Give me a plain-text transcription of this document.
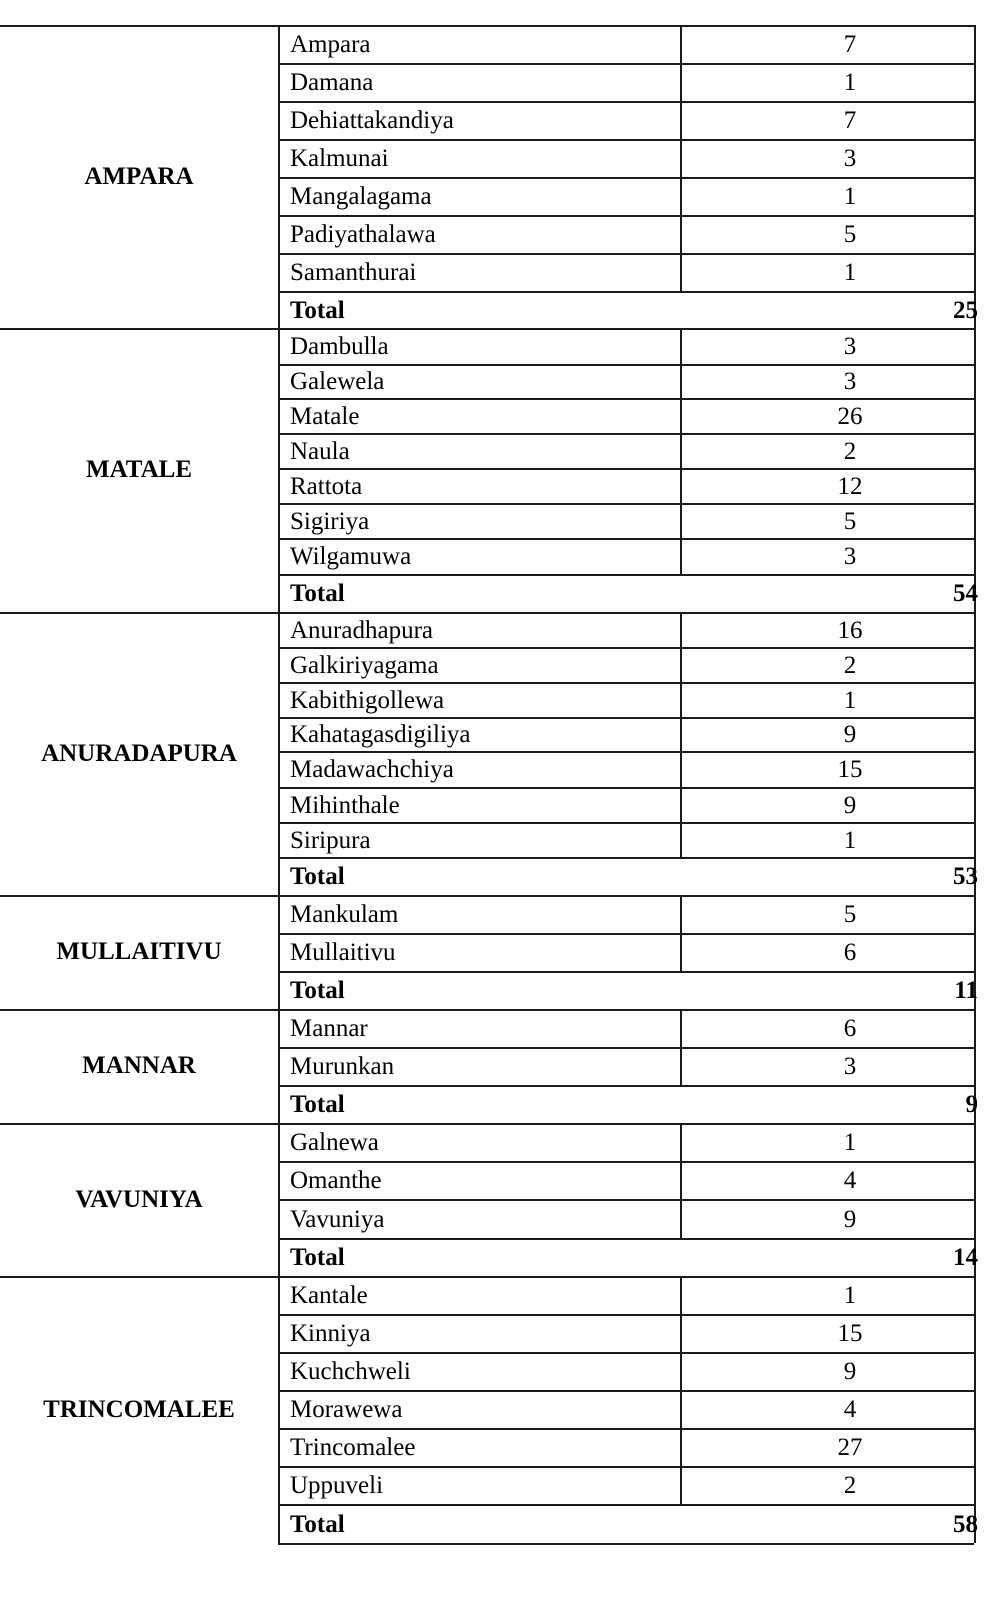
AMPARA
Ampara	7
Damana	1
Dehiattakandiya	7
Kalmunai	3
Mangalagama	1
Padiyathalawa	5
Samanthurai	1
Total	25
MATALE
Dambulla	3
Galewela	3
Matale	26
Naula	2
Rattota	12
Sigiriya	5
Wilgamuwa	3
Total	54
ANURADAPURA
Anuradhapura	16
Galkiriyagama	2
Kabithigollewa	1
Kahatagasdigiliya	9
Madawachchiya	15
Mihinthale	9
Siripura	1
Total	53
MULLAITIVU
Mankulam	5
Mullaitivu	6
Total	11
MANNAR
Mannar	6
Murunkan	3
Total	9
VAVUNIYA
Galnewa	1
Omanthe	4
Vavuniya	9
Total	14
TRINCOMALEE
Kantale	1
Kinniya	15
Kuchchweli	9
Morawewa	4
Trincomalee	27
Uppuveli	2
Total	58
